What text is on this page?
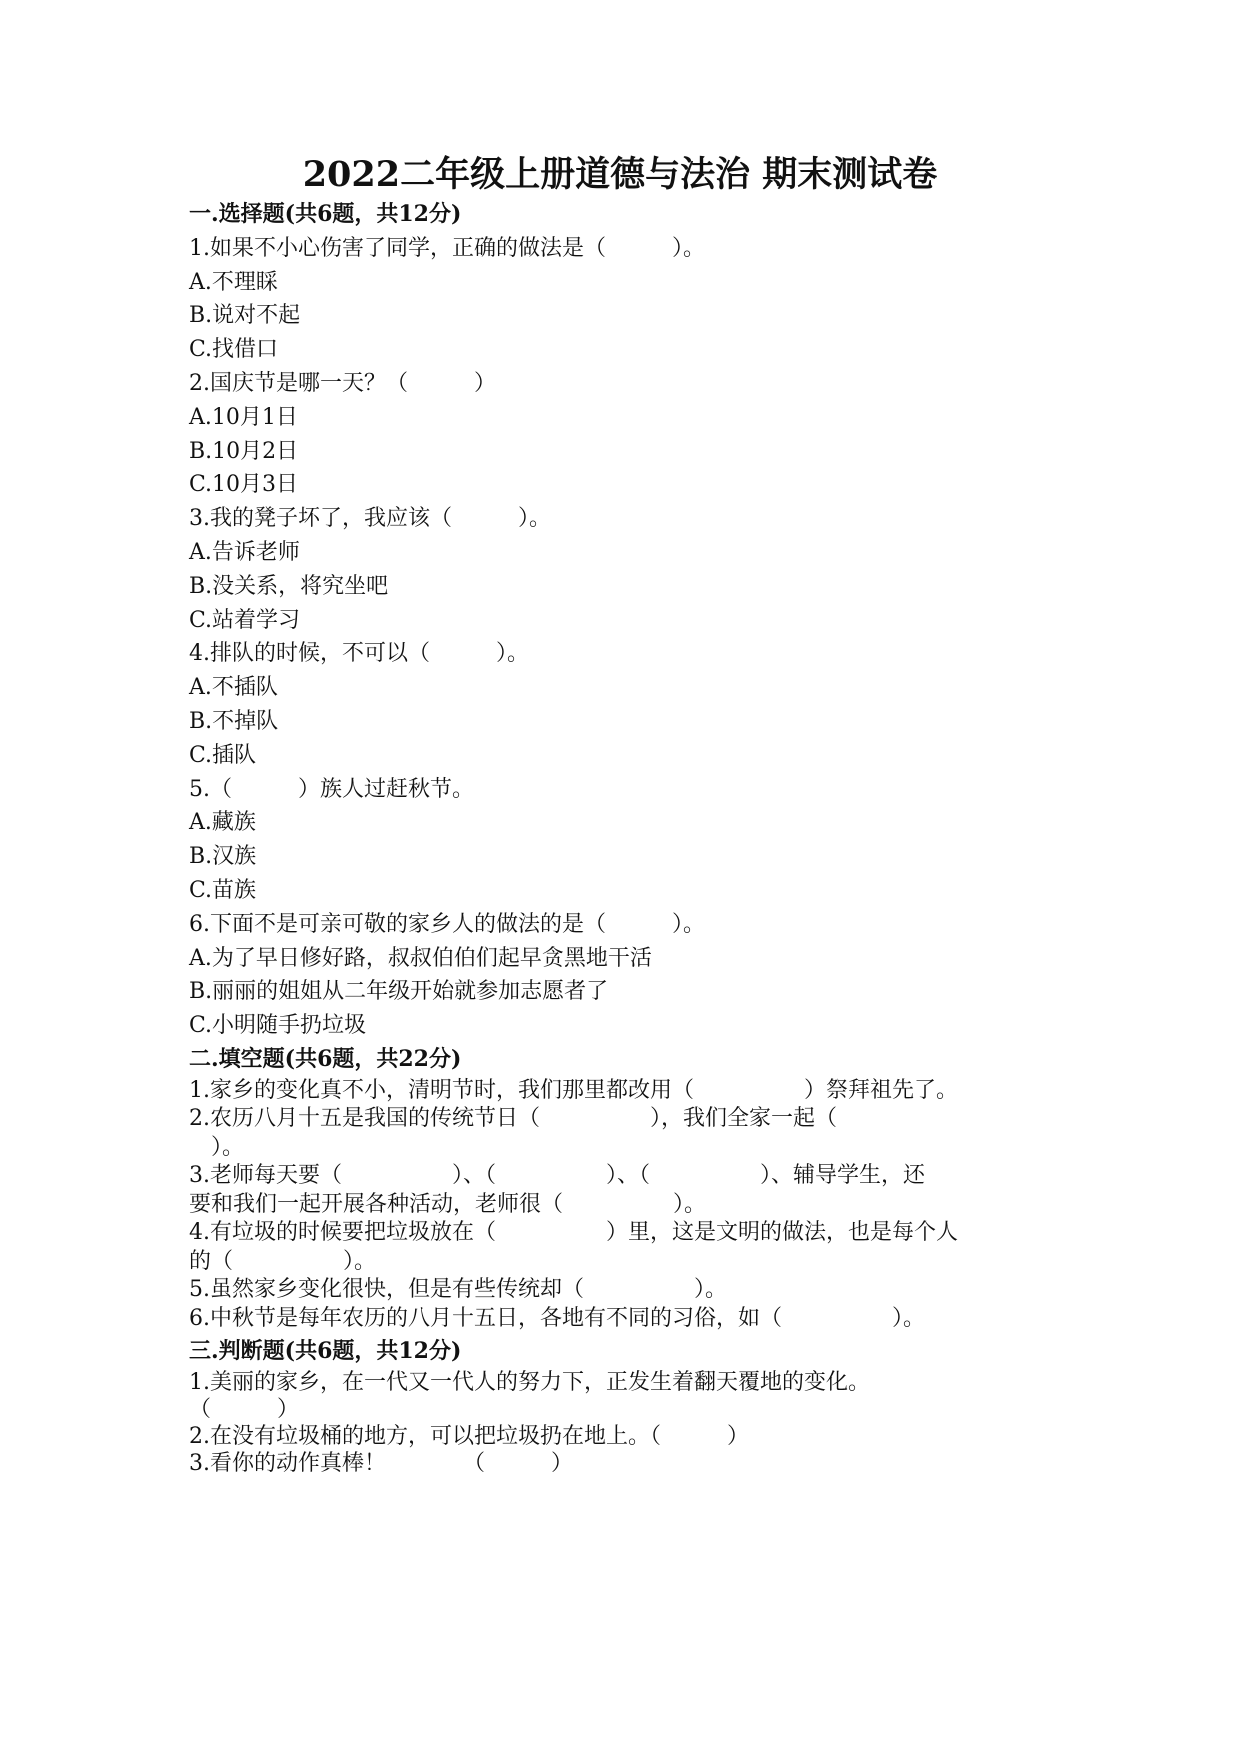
2022二年级上册道德与法治 期末测试卷
一.选择题(共6题，共12分)
1.如果不小心伤害了同学，正确的做法是（　　　）。
A.不理睬
B.说对不起
C.找借口
2.国庆节是哪一天？（　　　）
A.10月1日
B.10月2日
C.10月3日
3.我的凳子坏了，我应该（　　　）。
A.告诉老师
B.没关系，将究坐吧
C.站着学习
4.排队的时候，不可以（　　　）。
A.不插队
B.不掉队
C.插队
5.（　　　）族人过赶秋节。
A.藏族
B.汉族
C.苗族
6.下面不是可亲可敬的家乡人的做法的是（　　　）。
A.为了早日修好路，叔叔伯伯们起早贪黑地干活
B.丽丽的姐姐从二年级开始就参加志愿者了
C.小明随手扔垃圾
二.填空题(共6题，共22分)
1.家乡的变化真不小，清明节时，我们那里都改用（　　　　　）祭拜祖先了。
2.农历八月十五是我国的传统节日（　　　　　），我们全家一起（
　）。
3.老师每天要（　　　　　）、（　　　　　）、（　　　　　）、辅导学生，还
要和我们一起开展各种活动，老师很（　　　　　）。
4.有垃圾的时候要把垃圾放在（　　　　　）里，这是文明的做法，也是每个人
的（　　　　　）。
5.虽然家乡变化很快，但是有些传统却（　　　　　）。
6.中秋节是每年农历的八月十五日，各地有不同的习俗，如（　　　　　）。
三.判断题(共6题，共12分)
1.美丽的家乡，在一代又一代人的努力下，正发生着翻天覆地的变化。
（　　　）
2.在没有垃圾桶的地方，可以把垃圾扔在地上。（　　　）
3.看你的动作真棒！　　　　（　　　）
